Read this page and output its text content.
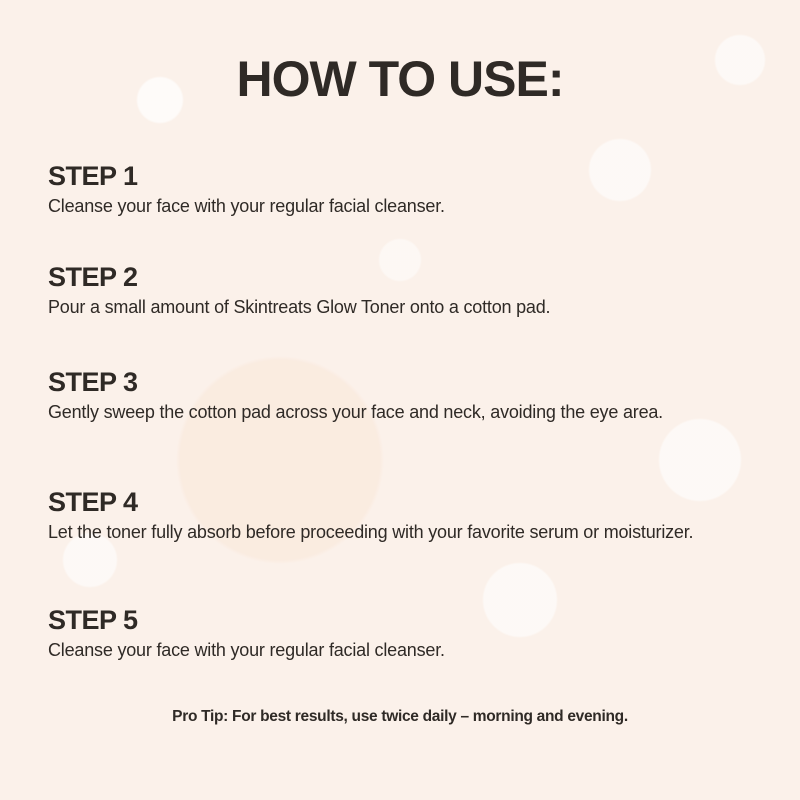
HOW TO USE:
STEP 1

Cleanse your face with your regular facial cleanser.

STEP 2

Pour a small amount of Skintreats Glow Toner onto a cotton pad.

STEP 3

Gently sweep the cotton pad across your face and neck, avoiding the eye area.

STEP 4

Let the toner fully absorb before proceeding with your favorite serum or moisturizer.

STEP 5

Cleanse your face with your regular facial cleanser.

Pro Tip: For best results, use twice daily – morning and evening.
